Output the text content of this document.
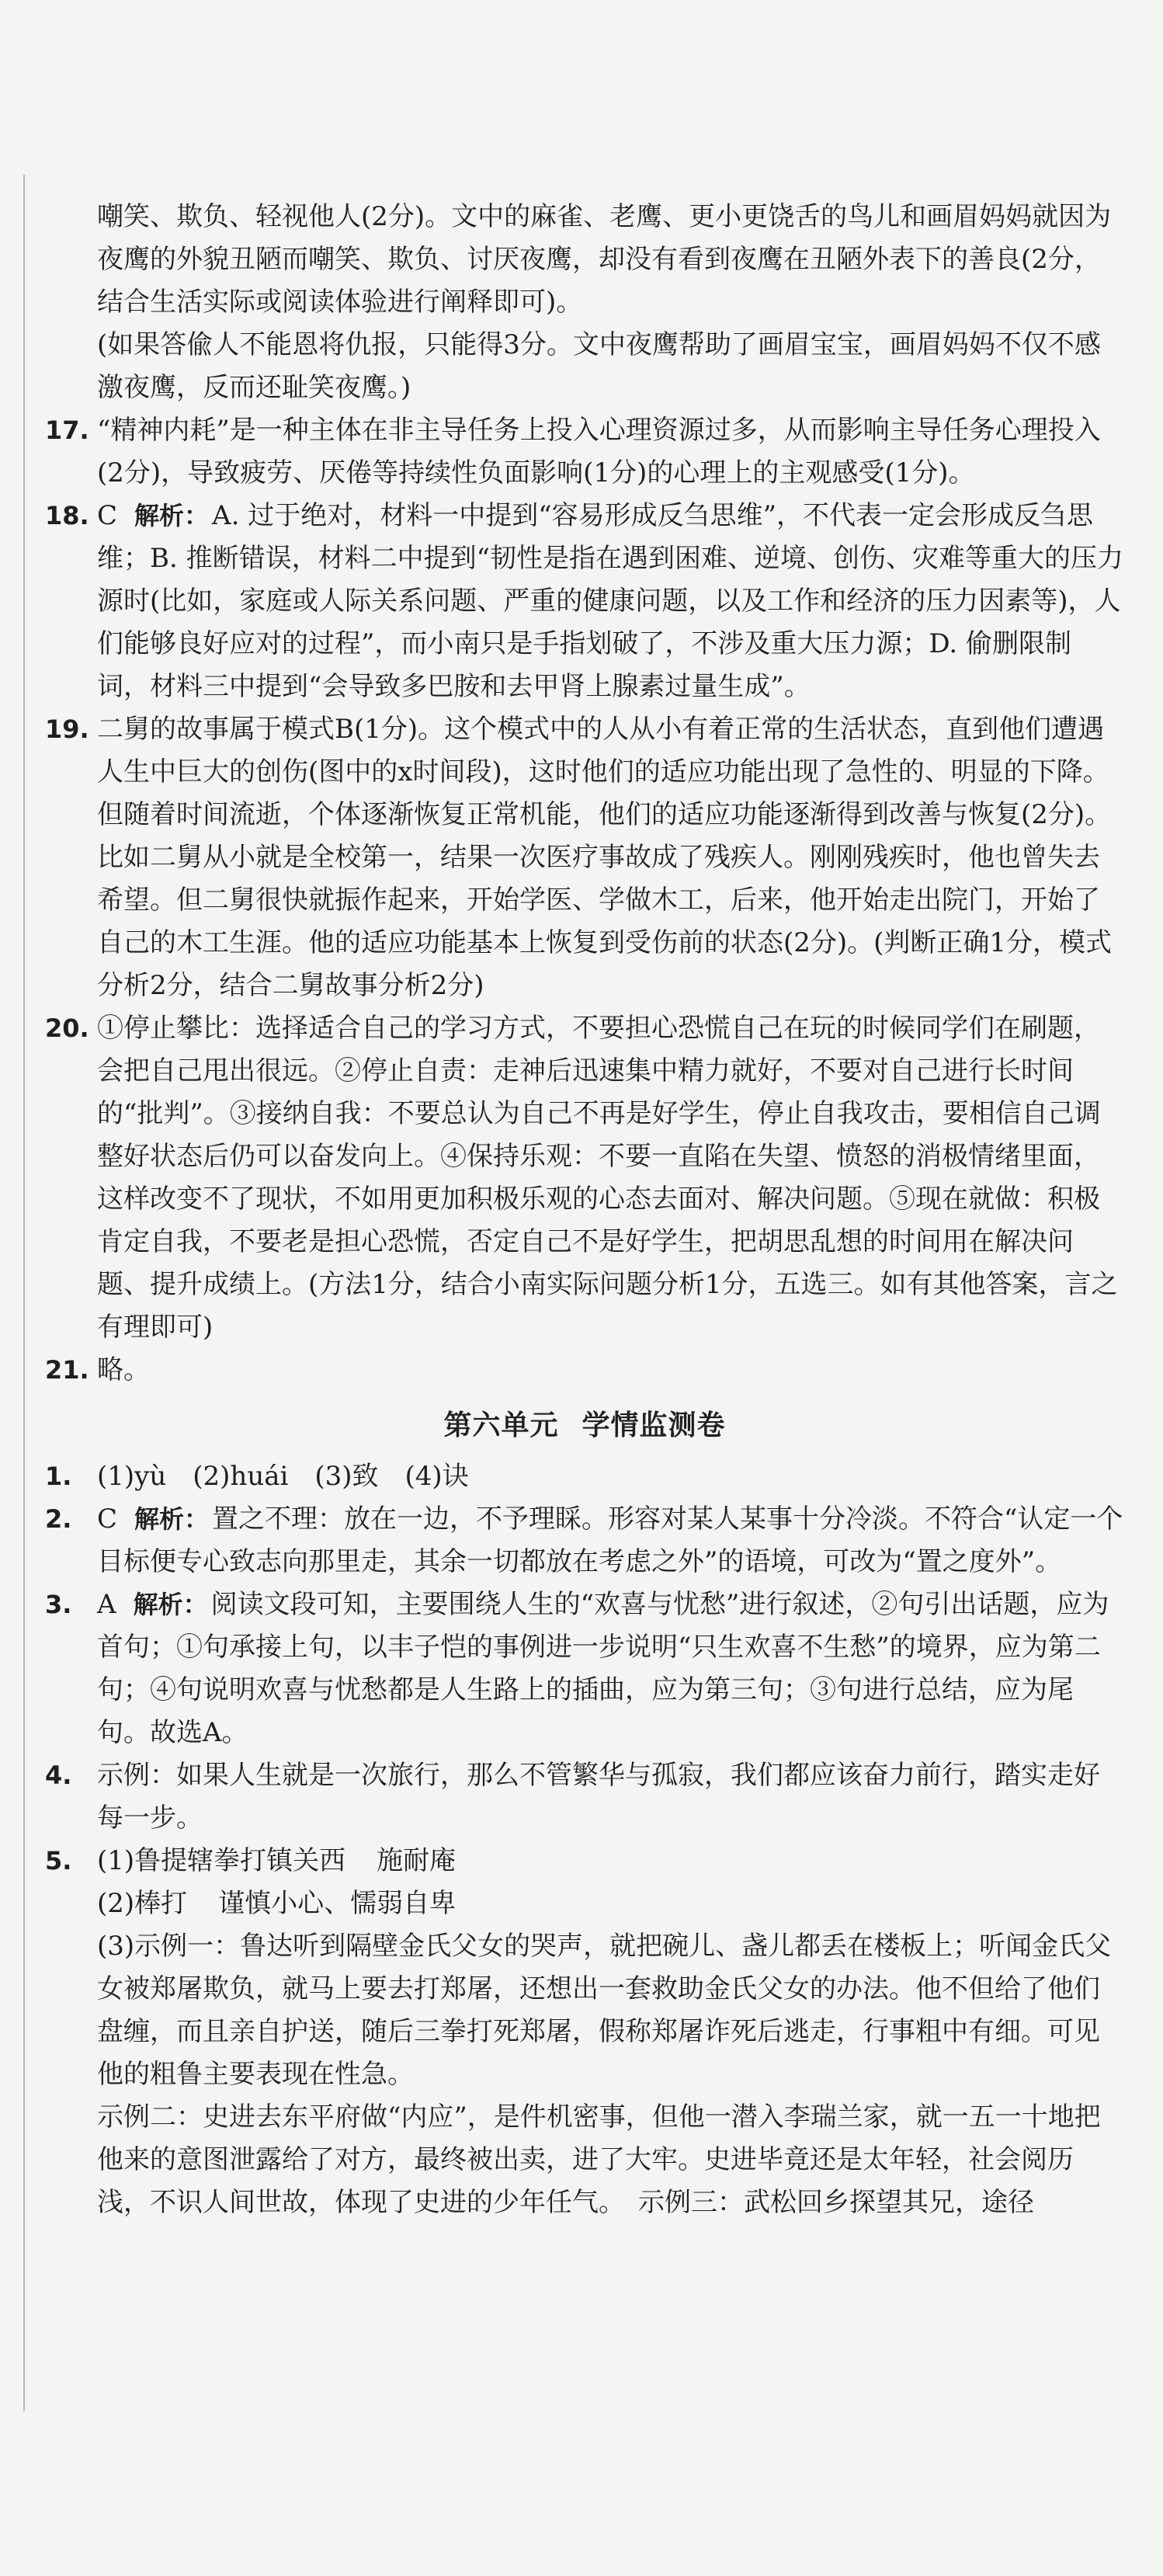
嘲笑、欺负、轻视他人(2分)。文中的麻雀、老鹰、更小更饶舌的鸟儿和画眉妈妈就因为夜鹰的外貌丑陋而嘲笑、欺负、讨厌夜鹰，却没有看到夜鹰在丑陋外表下的善良(2分，结合生活实际或阅读体验进行阐释即可)。

(如果答偸人不能恩将仇报，只能得3分。文中夜鹰帮助了画眉宝宝，画眉妈妈不仅不感激夜鹰，反而还耻笑夜鹰。)

17. “精神内耗”是一种主体在非主导任务上投入心理资源过多，从而影响主导任务心理投入(2分)，导致疲劳、厌倦等持续性负面影响(1分)的心理上的主观感受(1分)。
18. C 解析： A. 过于绝对，材料一中提到“容易形成反刍思维”，不代表一定会形成反刍思维；B. 推断错误，材料二中提到“韧性是指在遇到困难、逆境、创伤、灾难等重大的压力源时(比如，家庭或人际关系问题、严重的健康问题，以及工作和经济的压力因素等)，人们能够良好应对的过程”，而小南只是手指划破了，不涉及重大压力源；D. 偷删限制词，材料三中提到“会导致多巴胺和去甲肾上腺素过量生成”。
19. 二舅的故事属于模式B(1分)。这个模式中的人从小有着正常的生活状态，直到他们遭遇人生中巨大的创伤(图中的x时间段)，这时他们的适应功能出现了急性的、明显的下降。但随着时间流逝，个体逐渐恢复正常机能，他们的适应功能逐渐得到改善与恢复(2分)。比如二舅从小就是全校第一，结果一次医疗事故成了残疾人。刚刚残疾时，他也曾失去希望。但二舅很快就振作起来，开始学医、学做木工，后来，他开始走出院门，开始了自己的木工生涯。他的适应功能基本上恢复到受伤前的状态(2分)。(判断正确1分，模式分析2分，结合二舅故事分析2分)
20. ①停止攀比：选择适合自己的学习方式，不要担心恐慌自己在玩的时候同学们在刷题，会把自己甩出很远。②停止自责：走神后迅速集中精力就好，不要对自己进行长时间的“批判”。③接纳自我：不要总认为自己不再是好学生，停止自我攻击，要相信自己调整好状态后仍可以奋发向上。④保持乐观：不要一直陷在失望、愤怒的消极情绪里面，这样改变不了现状，不如用更加积极乐观的心态去面对、解决问题。⑤现在就做：积极肯定自我，不要老是担心恐慌，否定自己不是好学生，把胡思乱想的时间用在解决问题、提升成绩上。(方法1分，结合小南实际问题分析1分，五选三。如有其他答案，言之有理即可)
21. 略。
第六单元 学情监测卷
1. (1)yù　(2)huái　(3)致　(4)诀
2. C 解析： 置之不理：放在一边，不予理睬。形容对某人某事十分冷淡。不符合“认定一个目标便专心致志向那里走，其余一切都放在考虑之外”的语境，可改为“置之度外”。
3. A 解析： 阅读文段可知，主要围绕人生的“欢喜与忧愁”进行叙述，②句引出话题，应为首句；①句承接上句，以丰子恺的事例进一步说明“只生欢喜不生愁”的境界，应为第二句；④句说明欢喜与忧愁都是人生路上的插曲，应为第三句；③句进行总结，应为尾句。故选A。
4. 示例：如果人生就是一次旅行，那么不管繁华与孤寂，我们都应该奋力前行，踏实走好每一步。
5. (1)鲁提辖拳打镇关西 施耐庵
(2)棒打 谨慎小心、懦弱自卑

(3)示例一：鲁达听到隔壁金氏父女的哭声，就把碗儿、盏儿都丢在楼板上；听闻金氏父女被郑屠欺负，就马上要去打郑屠，还想出一套救助金氏父女的办法。他不但给了他们盘缠，而且亲自护送，随后三拳打死郑屠，假称郑屠诈死后逃走，行事粗中有细。可见他的粗鲁主要表现在性急。

示例二：史进去东平府做“内应”，是件机密事，但他一潜入李瑞兰家，就一五一十地把他来的意图泄露给了对方，最终被出卖，进了大牢。史进毕竟还是太年轻，社会阅历浅，不识人间世故，体现了史进的少年任气。　示例三：武松回乡探望其兄，途径
